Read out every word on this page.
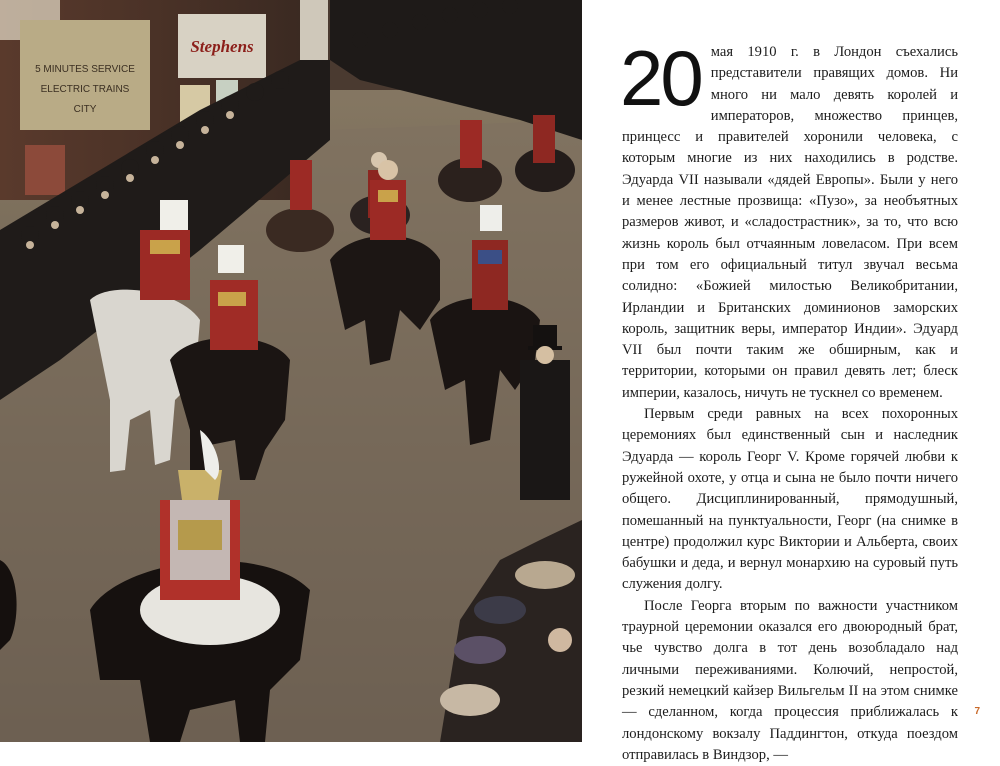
5 MINUTES SERVICE
ELECTRIC TRAINS
CITY
Stephens	20 мая 1910 г. в Лондон съехались представители правящих домов. Ни много ни мало девять королей и императоров, множество принцев, принцесс и правителей хоронили человека, с которым многие из них находились в родстве. Эдуарда VII называли «дядей Европы». Были у него и менее лестные прозвища: «Пузо», за необъятных размеров живот, и «сладострастник», за то, что всю жизнь король был отчаянным ловеласом. При всем при том его официальный титул звучал весьма солидно: «Божией милостью Великобритании, Ирландии и Британских доминионов заморских король, защитник веры, император Индии». Эдуард VII был почти таким же обширным, как и территории, которыми он правил девять лет; блеск империи, казалось, ничуть не тускнел со временем.

Первым среди равных на всех похоронных церемониях был единственный сын и наследник Эдуарда — король Георг V. Кроме горячей любви к ружейной охоте, у отца и сына не было почти ничего общего. Дисциплинированный, прямодушный, помешанный на пунктуальности, Георг (на снимке в центре) продолжил курс Виктории и Альберта, своих бабушки и деда, и вернул монархию на суровый путь служения долгу.

После Георга вторым по важности участником траурной церемонии оказался его двоюродный брат, чье чувство долга в тот день возобладало над личными переживаниями. Колючий, непростой, резкий немецкий кайзер Вильгельм II на этом снимке — сделанном, когда процессия приближалась к лондонскому вокзалу Паддингтон, откуда поездом отправилась в Виндзор, —

7
